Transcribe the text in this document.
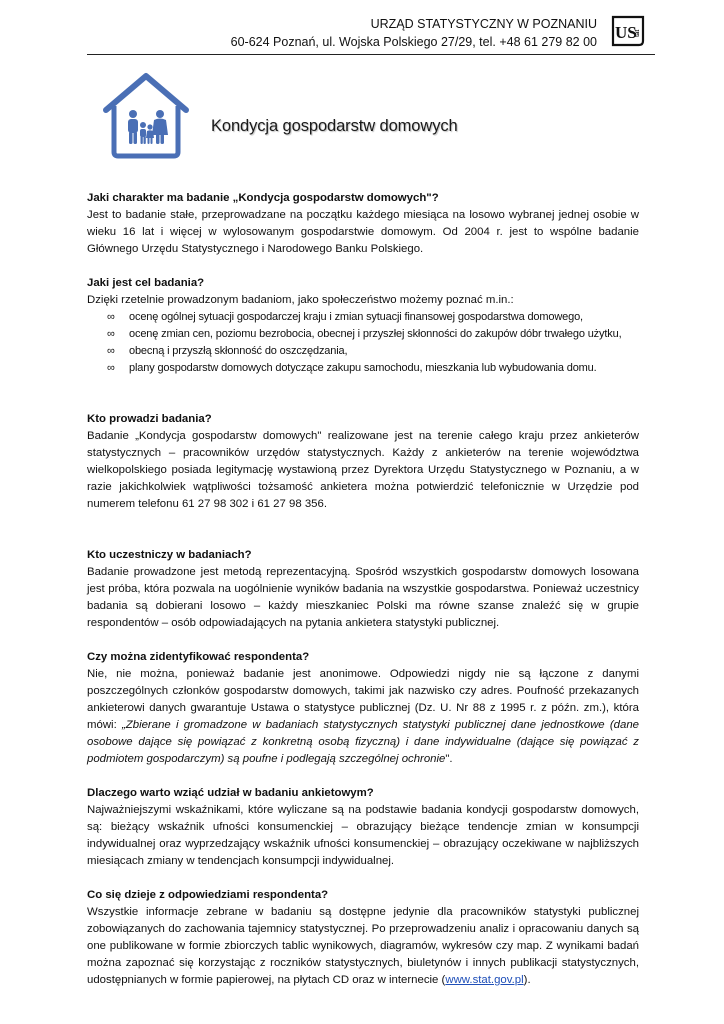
URZĄD STATYSTYCZNY W POZNANIU
60-624 Poznań, ul. Wojska Polskiego 27/29, tel. +48 61 279 82 00 US
tat
Kondycja gospodarstw domowych
Jaki charakter ma badanie „Kondycja gospodarstw domowych"?
Jest to badanie stałe, przeprowadzane na początku każdego miesiąca na losowo wybranej jednej osobie w wieku 16 lat i więcej w wylosowanym gospodarstwie domowym. Od 2004 r. jest to wspólne badanie Głównego Urzędu Statystycznego i Narodowego Banku Polskiego.
Jaki jest cel badania?
Dzięki rzetelnie prowadzonym badaniom, jako społeczeństwo możemy poznać m.in.:
∞ ocenę ogólnej sytuacji gospodarczej kraju i zmian sytuacji finansowej gospodarstwa domowego,
∞ ocenę zmian cen, poziomu bezrobocia, obecnej i przyszłej skłonności do zakupów dóbr trwałego użytku,
∞ obecną i przyszłą skłonność do oszczędzania,
∞ plany gospodarstw domowych dotyczące zakupu samochodu, mieszkania lub wybudowania domu.
Kto prowadzi badania?
Badanie „Kondycja gospodarstw domowych" realizowane jest na terenie całego kraju przez ankieterów statystycznych – pracowników urzędów statystycznych. Każdy z ankieterów na terenie województwa wielkopolskiego posiada legitymację wystawioną przez Dyrektora Urzędu Statystycznego w Poznaniu, a w razie jakichkolwiek wątpliwości tożsamość ankietera można potwierdzić telefonicznie w Urzędzie pod numerem telefonu 61 27 98 302 i 61 27 98 356.
Kto uczestniczy w badaniach?
Badanie prowadzone jest metodą reprezentacyjną. Spośród wszystkich gospodarstw domowych losowana jest próba, która pozwala na uogólnienie wyników badania na wszystkie gospodarstwa. Ponieważ uczestnicy badania są dobierani losowo – każdy mieszkaniec Polski ma równe szanse znaleźć się w grupie respondentów – osób odpowiadających na pytania ankietera statystyki publicznej.
Czy można zidentyfikować respondenta?
Nie, nie można, ponieważ badanie jest anonimowe. Odpowiedzi nigdy nie są łączone z danymi poszczególnych członków gospodarstw domowych, takimi jak nazwisko czy adres. Poufność przekazanych ankieterowi danych gwarantuje Ustawa o statystyce publicznej (Dz. U. Nr 88 z 1995 r. z późn. zm.), która mówi: „Zbierane i gromadzone w badaniach statystycznych statystyki publicznej dane jednostkowe (dane osobowe dające się powiązać z konkretną osobą fizyczną) i dane indywidualne (dające się powiązać z podmiotem gospodarczym) są poufne i podlegają szczególnej ochronie".
Dlaczego warto wziąć udział w badaniu ankietowym?
Najważniejszymi wskaźnikami, które wyliczane są na podstawie badania kondycji gospodarstw domowych, są: bieżący wskaźnik ufności konsumenckiej – obrazujący bieżące tendencje zmian w konsumpcji indywidualnej oraz wyprzedzający wskaźnik ufności konsumenckiej – obrazujący oczekiwane w najbliższych miesiącach zmiany w tendencjach konsumpcji indywidualnej.
Co się dzieje z odpowiedziami respondenta?
Wszystkie informacje zebrane w badaniu są dostępne jedynie dla pracowników statystyki publicznej zobowiązanych do zachowania tajemnicy statystycznej. Po przeprowadzeniu analiz i opracowaniu danych są one publikowane w formie zbiorczych tablic wynikowych, diagramów, wykresów czy map. Z wynikami badań można zapoznać się korzystając z roczników statystycznych, biuletynów i innych publikacji statystycznych, udostępnianych w formie papierowej, na płytach CD oraz w internecie (www.stat.gov.pl).
